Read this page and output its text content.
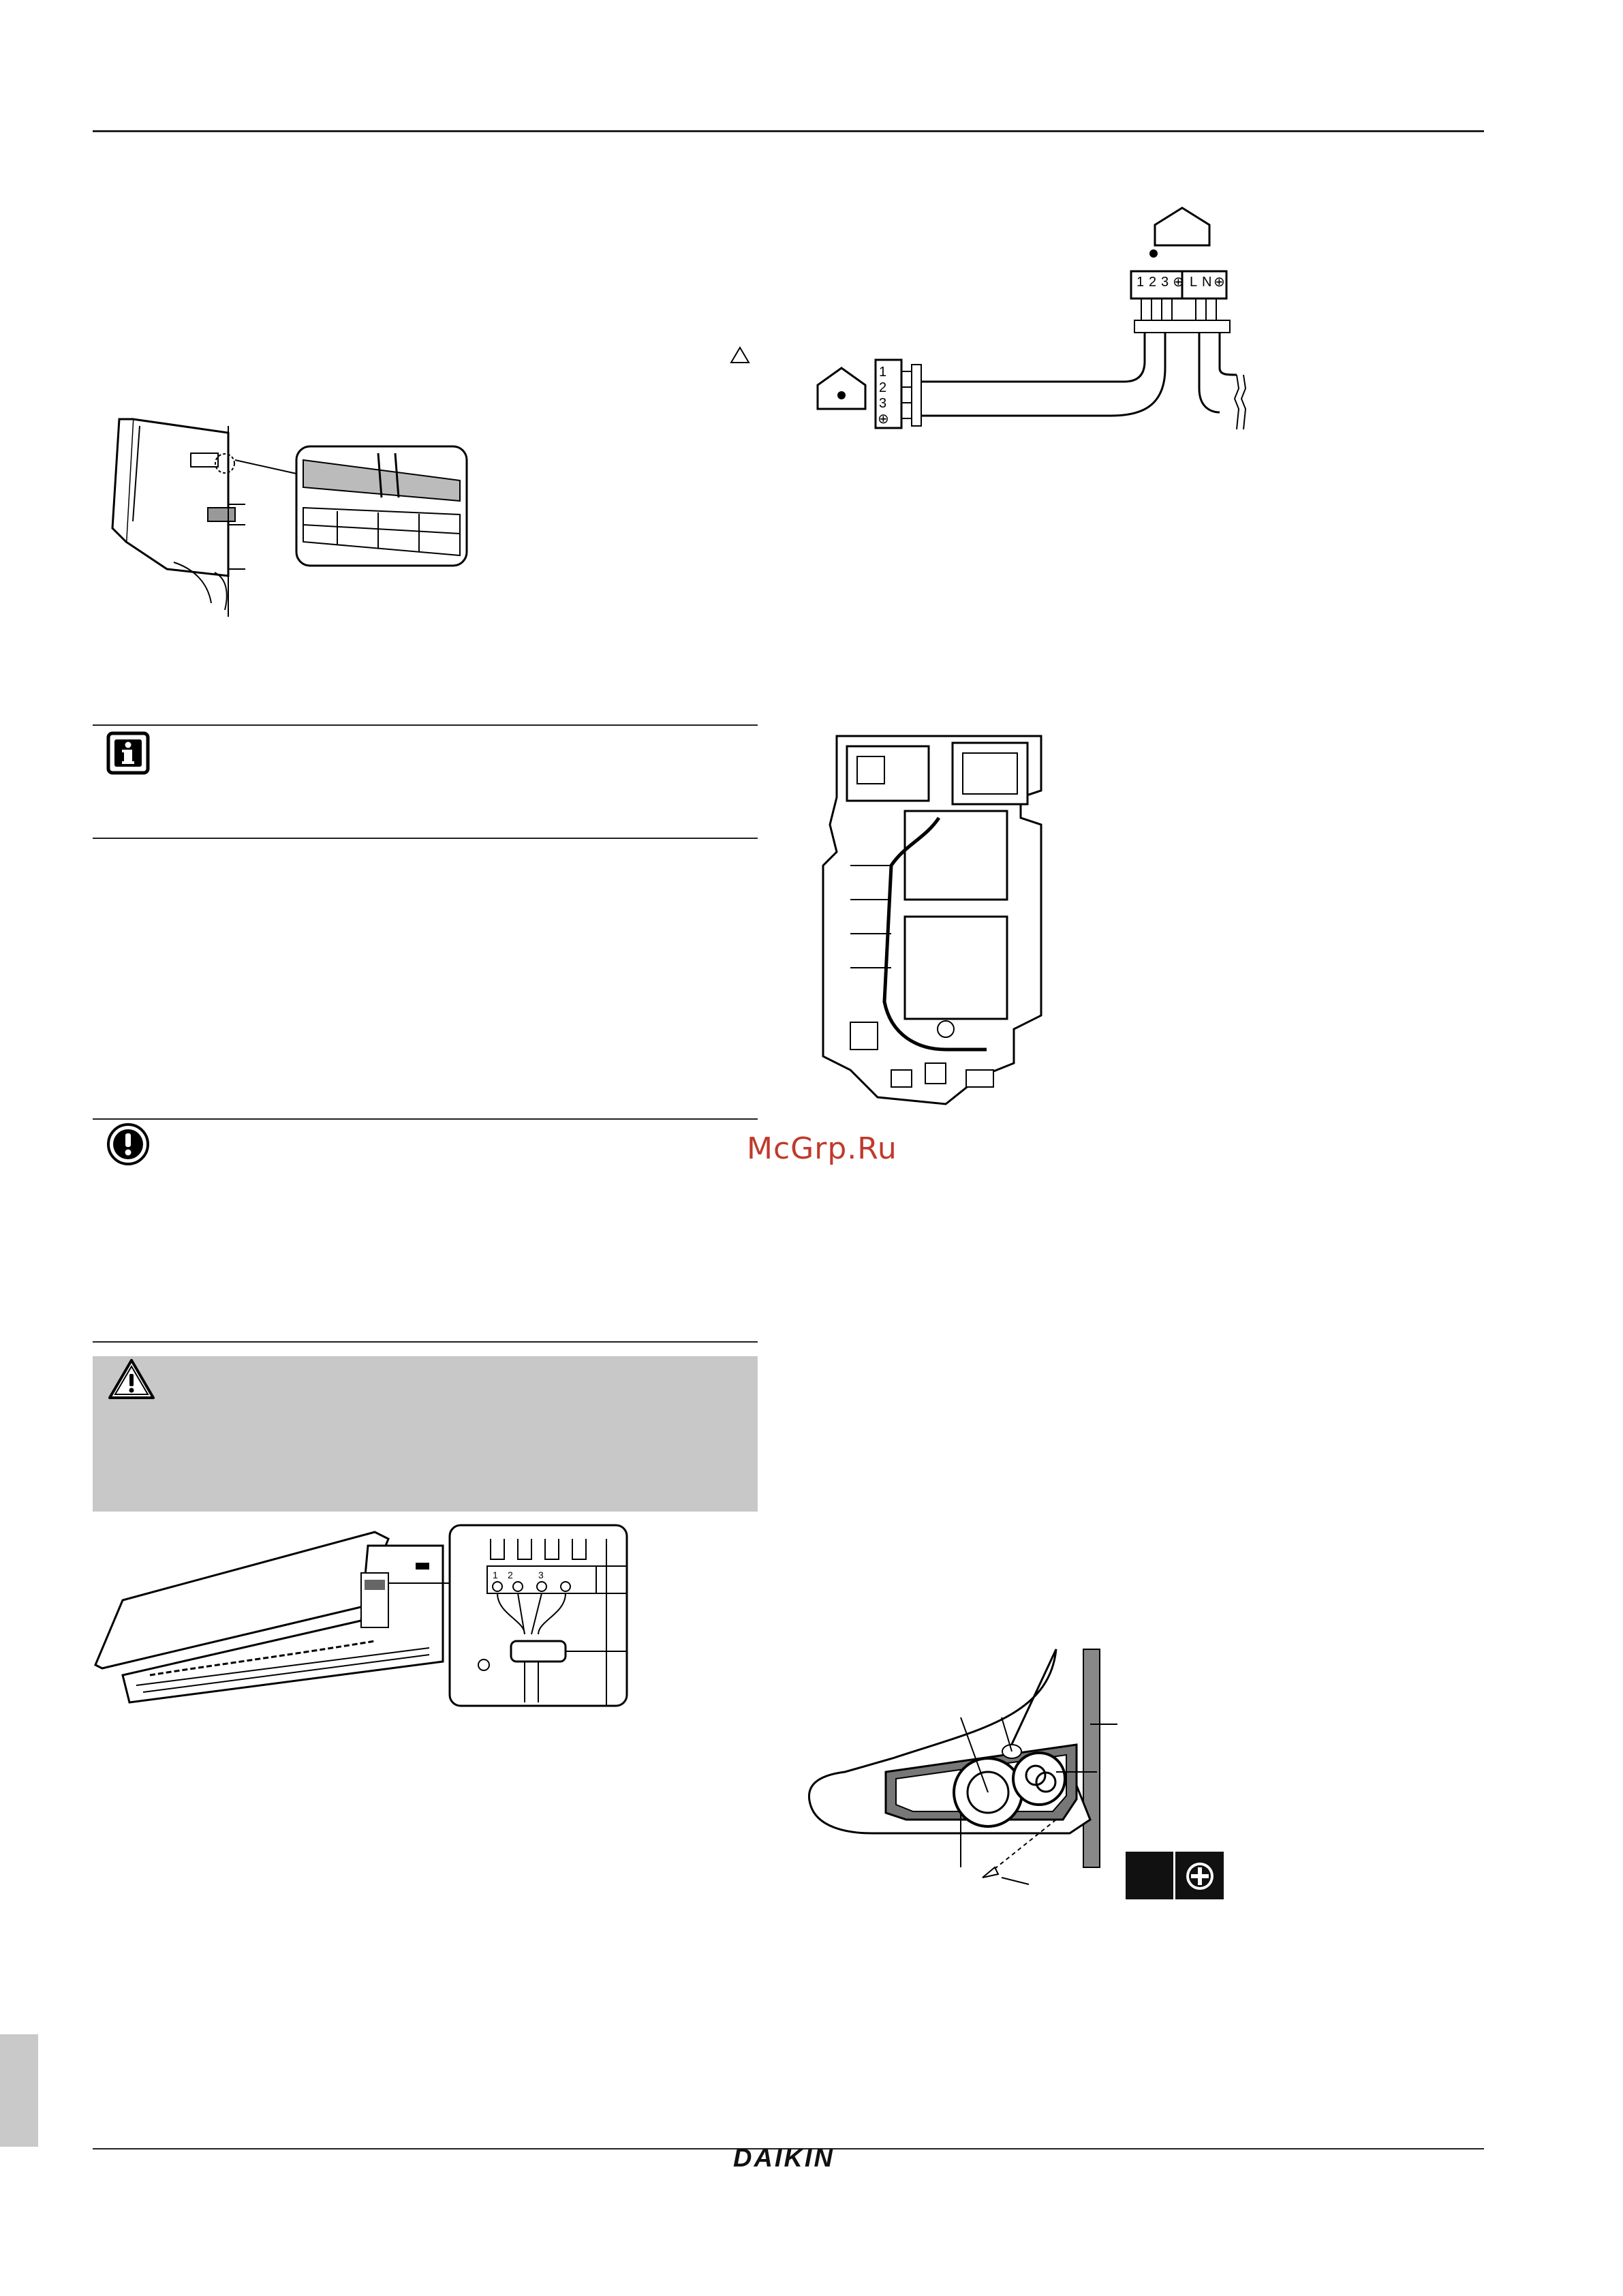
1 2 3 ⊕ L N ⊕
1
2
3
⊕
McGrp.Ru
1 2	3
DAIKIN
